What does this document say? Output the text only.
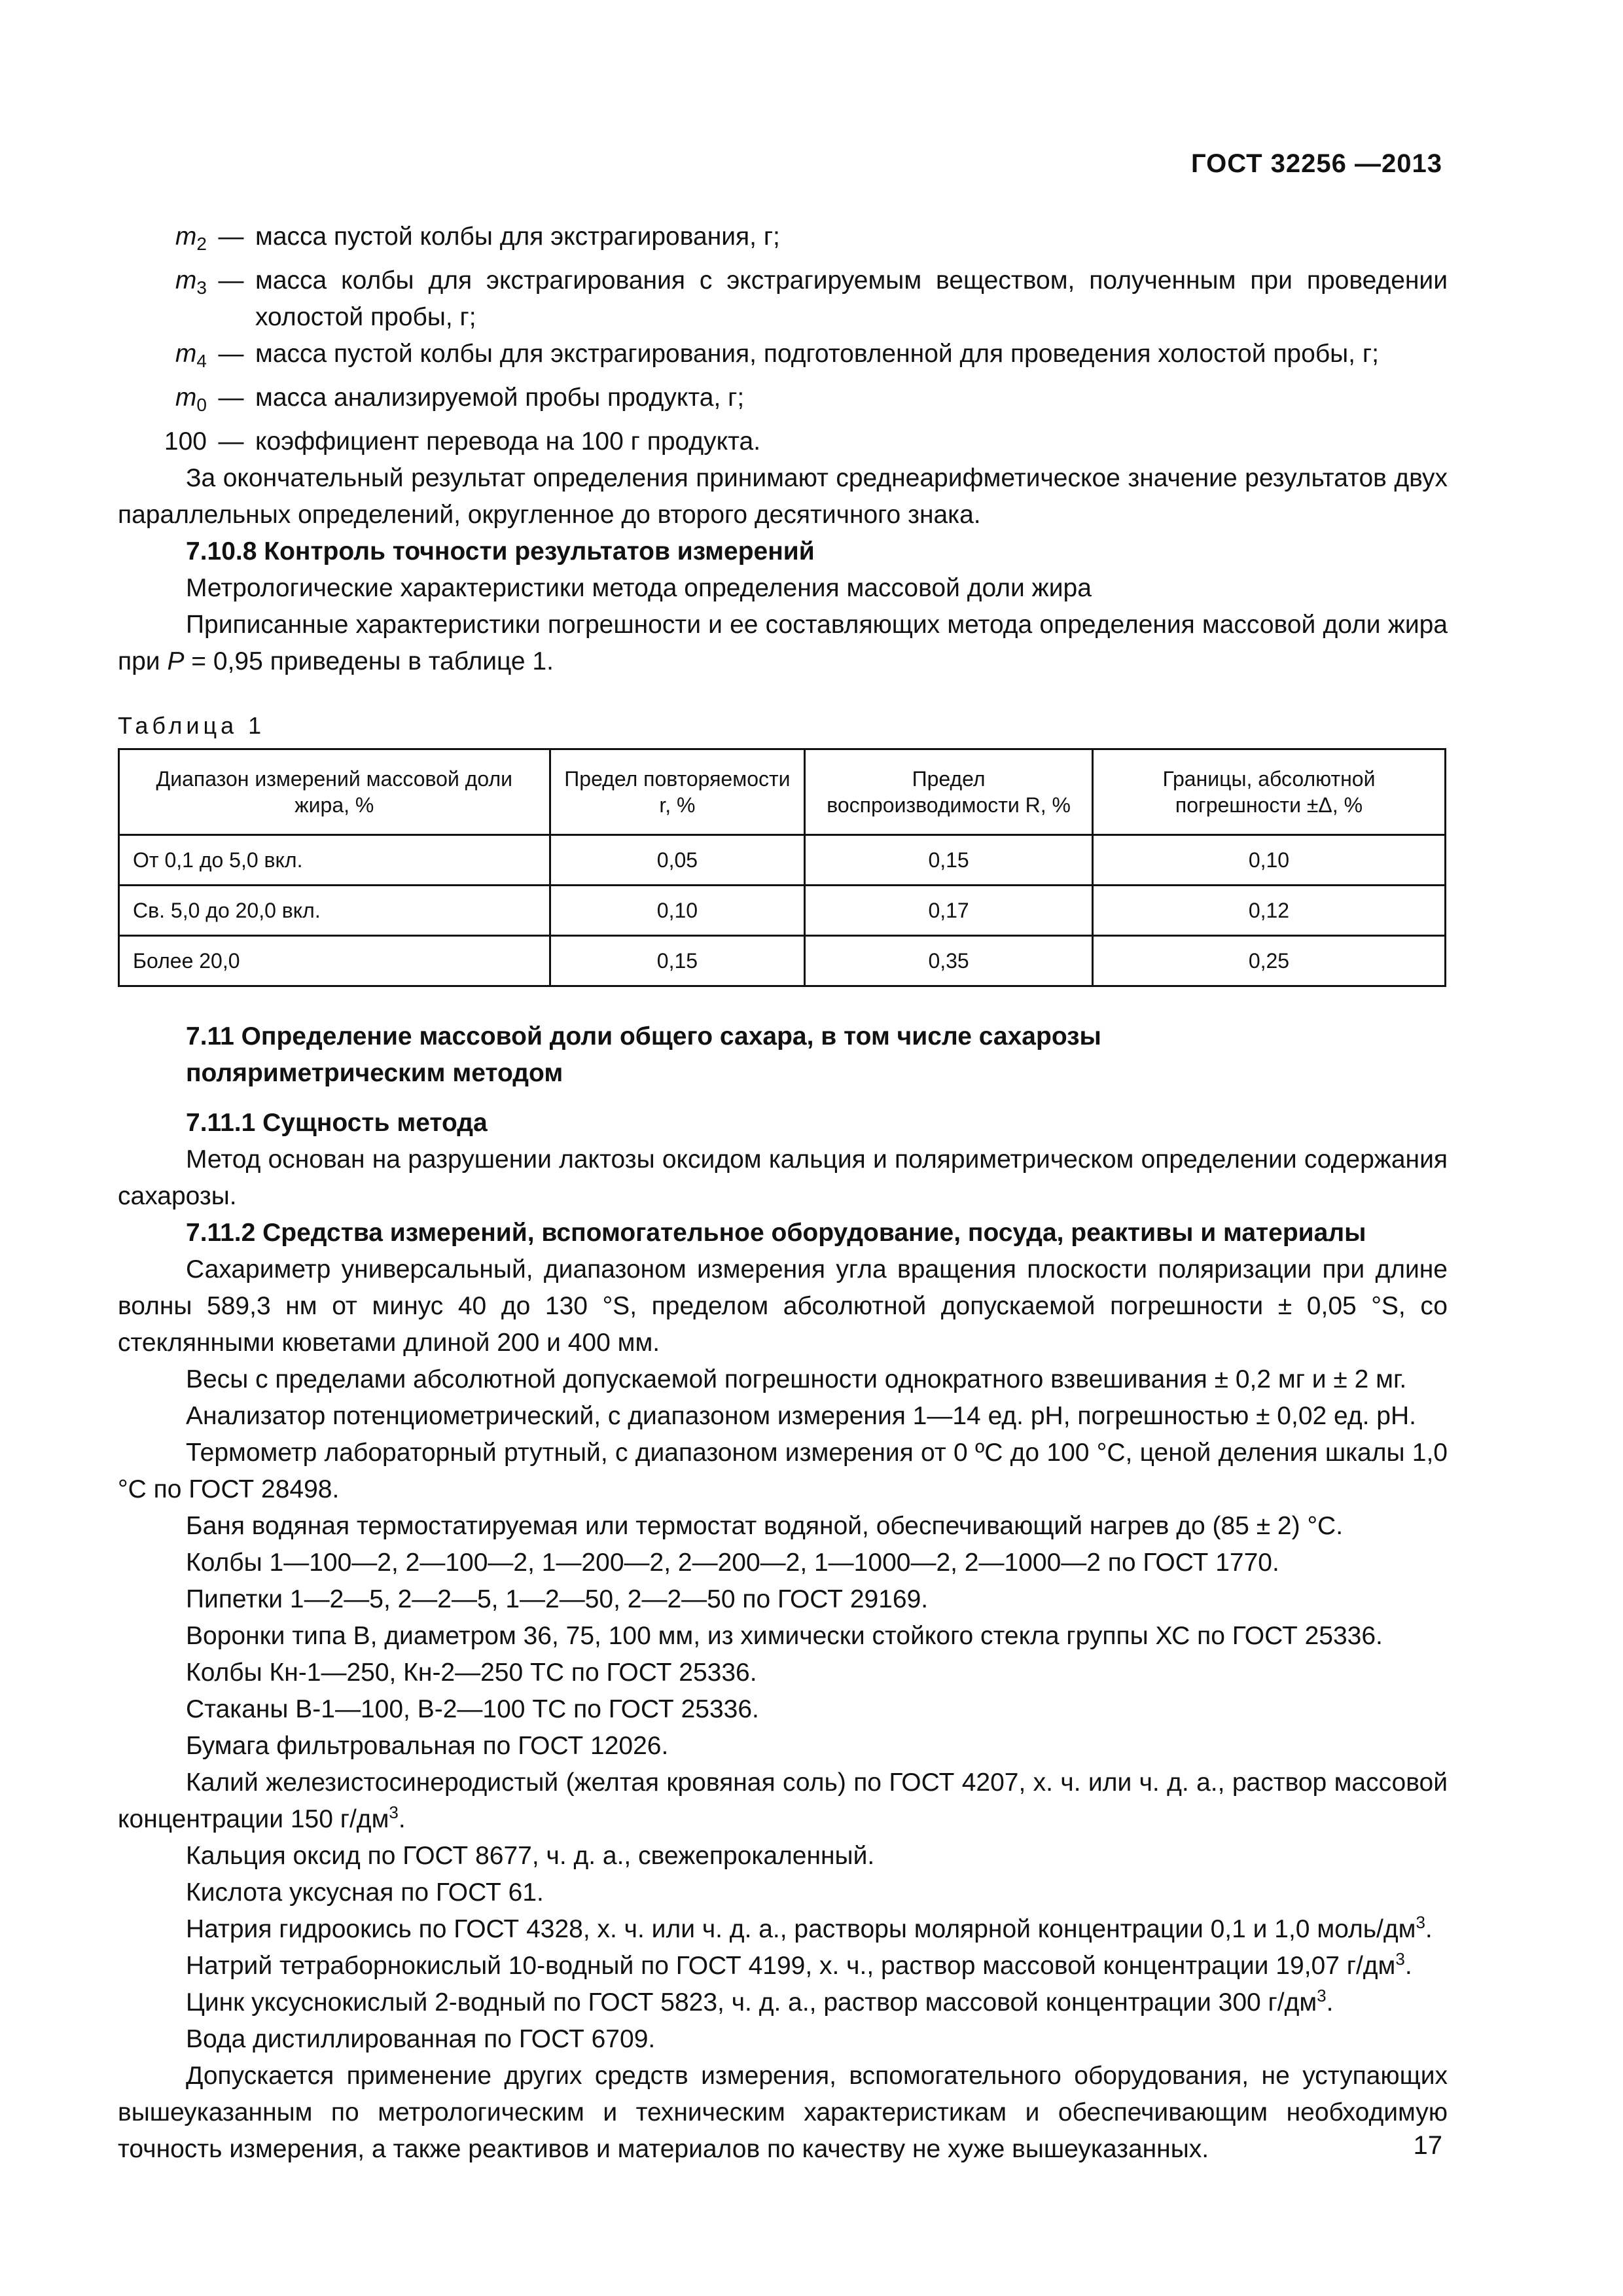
ГОСТ 32256 —2013
$m_2$ — масса пустой колбы для экстрагирования, г;
$m_3$ — масса колбы для экстрагирования с экстрагируемым веществом, полученным при проведении холостой пробы, г;
$m_4$ — масса пустой колбы для экстрагирования, подготовленной для проведения холостой пробы, г;
$m_0$ — масса анализируемой пробы продукта, г;
100 — коэффициент перевода на 100 г продукта.

За окончательный результат определения принимают среднеарифметическое значение результатов двух параллельных определений, округленное до второго десятичного знака.

7.10.8 Контроль точности результатов измерений

Метрологические характеристики метода определения массовой доли жира

Приписанные характеристики погрешности и ее составляющих метода определения массовой доли жира при P = 0,95 приведены в таблице 1.

Таблица 1
Диапазон измерений массовой доли жира, %	Предел повторяемости r, %	Предел воспроизводимости R, %	Границы, абсолютной погрешности ±Δ, %
От 0,1 до 5,0 вкл.	0,05	0,15	0,10
Св. 5,0 до 20,0 вкл.	0,10	0,17	0,12
Более 20,0	0,15	0,35	0,25
7.11 Определение массовой доли общего сахара, в том числе сахарозы
поляриметрическим методом
7.11.1 Сущность метода

Метод основан на разрушении лактозы оксидом кальция и поляриметрическом определении содержания сахарозы.

7.11.2 Средства измерений, вспомогательное оборудование, посуда, реактивы и материалы

Сахариметр универсальный, диапазоном измерения угла вращения плоскости поляризации при длине волны 589,3 нм от минус 40 до 130 °S, пределом абсолютной допускаемой погрешности ± 0,05 °S, со стеклянными кюветами длиной 200 и 400 мм.

Весы с пределами абсолютной допускаемой погрешности однократного взвешивания ± 0,2 мг и ± 2 мг.

Анализатор потенциометрический, с диапазоном измерения 1—14 ед. pH, погрешностью ± 0,02 ед. pH.

Термометр лабораторный ртутный, с диапазоном измерения от 0 ºС до 100 °С, ценой деления шкалы 1,0 °С по ГОСТ 28498.

Баня водяная термостатируемая или термостат водяной, обеспечивающий нагрев до (85 ± 2) °С.

Колбы 1—100—2, 2—100—2, 1—200—2, 2—200—2, 1—1000—2, 2—1000—2 по ГОСТ 1770.

Пипетки 1—2—5, 2—2—5, 1—2—50, 2—2—50 по ГОСТ 29169.

Воронки типа В, диаметром 36, 75, 100 мм, из химически стойкого стекла группы ХС по ГОСТ 25336.

Колбы Кн-1—250, Кн-2—250 ТС по ГОСТ 25336.

Стаканы В-1—100, В-2—100 ТС по ГОСТ 25336.

Бумага фильтровальная по ГОСТ 12026.

Калий железистосинеродистый (желтая кровяная соль) по ГОСТ 4207, х. ч. или ч. д. а., раствор массовой концентрации 150 $г/дм^3$.

Кальция оксид по ГОСТ 8677, ч. д. а., свежепрокаленный.

Кислота уксусная по ГОСТ 61.

Натрия гидроокись по ГОСТ 4328, х. ч. или ч. д. а., растворы молярной концентрации 0,1 и 1,0 моль/$дм^3$.

Натрий тетраборнокислый 10-водный по ГОСТ 4199, х. ч., раствор массовой концентрации 19,07 $г/дм^3$.

Цинк уксуснокислый 2-водный по ГОСТ 5823, ч. д. а., раствор массовой концентрации 300 $г/дм^3$.

Вода дистиллированная по ГОСТ 6709.

Допускается применение других средств измерения, вспомогательного оборудования, не уступающих вышеуказанным по метрологическим и техническим характеристикам и обеспечивающим необходимую точность измерения, а также реактивов и материалов по качеству не хуже вышеуказанных.	17
